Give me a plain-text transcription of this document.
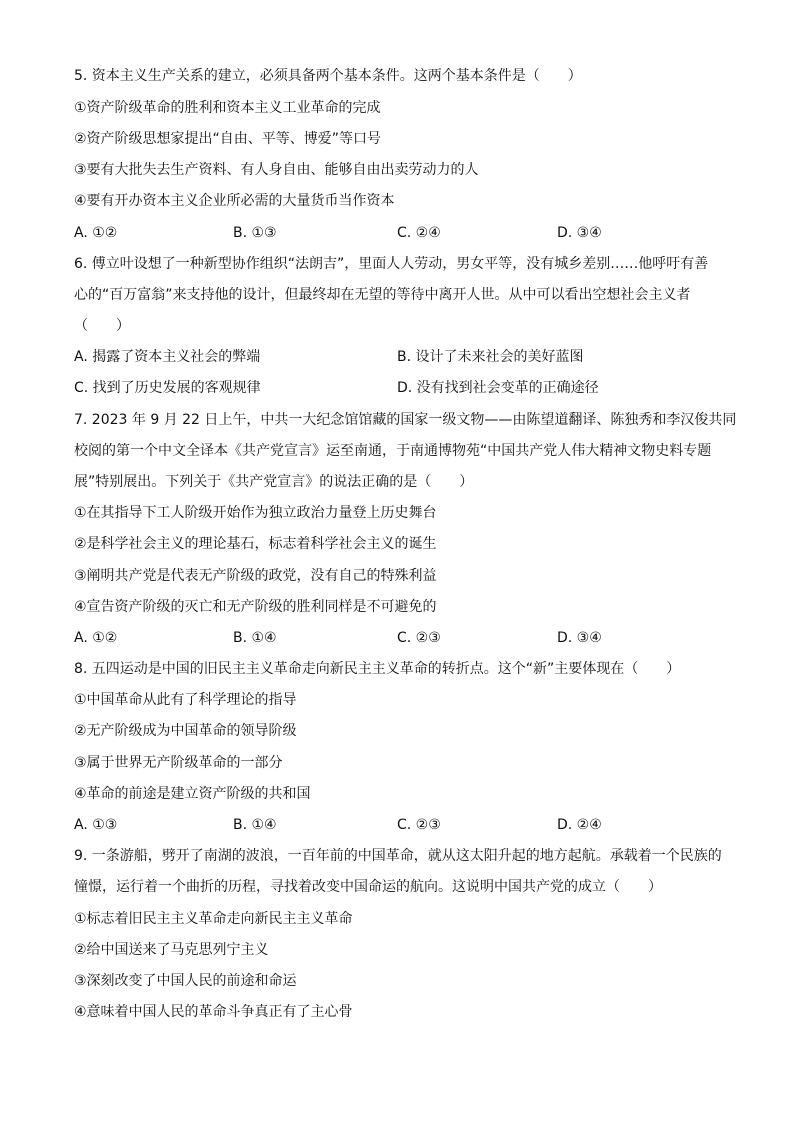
5. 资本主义生产关系的建立，必须具备两个基本条件。这两个基本条件是（　　）
①资产阶级革命的胜利和资本主义工业革命的完成
②资产阶级思想家提出“自由、平等、博爱”等口号
③要有大批失去生产资料、有人身自由、能够自由出卖劳动力的人
④要有开办资本主义企业所必需的大量货币当作资本
A. ①②	B. ①③	C. ②④	D. ③④
6. 傅立叶设想了一种新型协作组织“法朗吉”，里面人人劳动，男女平等，没有城乡差别……他呼吁有善
心的“百万富翁”来支持他的设计，但最终却在无望的等待中离开人世。从中可以看出空想社会主义者
（　　）
A. 揭露了资本主义社会的弊端	B. 设计了未来社会的美好蓝图
C. 找到了历史发展的客观规律	D. 没有找到社会变革的正确途径
7. 2023 年 9 月 22 日上午，中共一大纪念馆馆藏的国家一级文物——由陈望道翻译、陈独秀和李汉俊共同
校阅的第一个中文全译本《共产党宣言》运至南通，于南通博物苑“中国共产党人伟大精神文物史料专题
展”特别展出。下列关于《共产党宣言》的说法正确的是（　　）
①在其指导下工人阶级开始作为独立政治力量登上历史舞台
②是科学社会主义的理论基石，标志着科学社会主义的诞生
③阐明共产党是代表无产阶级的政党，没有自己的特殊利益
④宣告资产阶级的灭亡和无产阶级的胜利同样是不可避免的
A. ①②	B. ①④	C. ②③	D. ③④
8. 五四运动是中国的旧民主主义革命走向新民主主义革命的转折点。这个“新”主要体现在（　　）
①中国革命从此有了科学理论的指导
②无产阶级成为中国革命的领导阶级
③属于世界无产阶级革命的一部分
④革命的前途是建立资产阶级的共和国
A. ①③	B. ①④	C. ②③	D. ②④
9. 一条游船，劈开了南湖的波浪，一百年前的中国革命，就从这太阳升起的地方起航。承载着一个民族的
憧憬，运行着一个曲折的历程，寻找着改变中国命运的航向。这说明中国共产党的成立（　　）
①标志着旧民主主义革命走向新民主主义革命
②给中国送来了马克思列宁主义
③深刻改变了中国人民的前途和命运
④意味着中国人民的革命斗争真正有了主心骨
